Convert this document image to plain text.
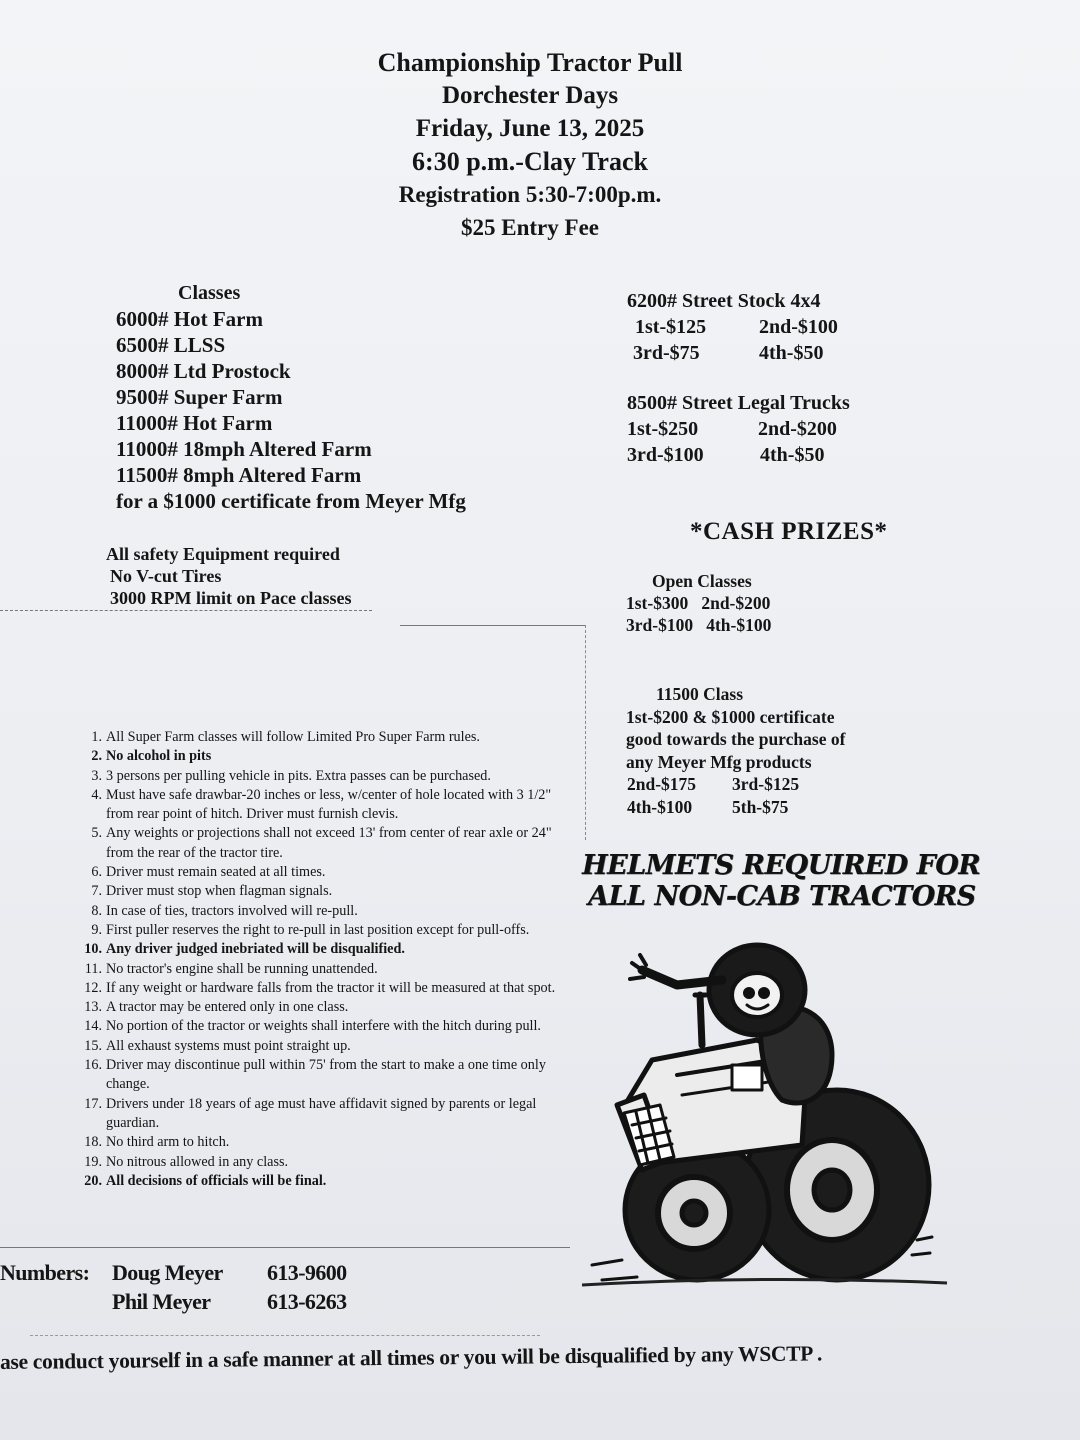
Championship Tractor Pull
Dorchester Days
Friday, June 13, 2025
6:30 p.m.-Clay Track
Registration 5:30-7:00p.m.
$25 Entry Fee
Classes
6000# Hot Farm
6500# LLSS
8000# Ltd Prostock
9500# Super Farm
11000# Hot Farm
11000# 18mph Altered Farm
11500# 8mph Altered Farm
for a $1000 certificate from Meyer Mfg
All safety Equipment required
No V-cut Tires
3000 RPM limit on Pace classes
6200# Street Stock 4x4
1st-$125	2nd-$100
3rd-$75	4th-$50
8500# Street Legal Trucks
1st-$250	2nd-$200
3rd-$100	4th-$50
*CASH PRIZES*
Open Classes
1st-$300   2nd-$200
3rd-$100   4th-$100
11500 Class
1st-$200 & $1000 certificate
good towards the purchase of
any Meyer Mfg products
2nd-$175	3rd-$125
4th-$100	5th-$75
1. All Super Farm classes will follow Limited Pro Super Farm rules.
2. No alcohol in pits
3. 3 persons per pulling vehicle in pits. Extra passes can be purchased.
4. Must have safe drawbar-20 inches or less, w/center of hole located with 3 1/2" from rear point of hitch. Driver must furnish clevis.
5. Any weights or projections shall not exceed 13' from center of rear axle or 24" from the rear of the tractor tire.
6. Driver must remain seated at all times.
7. Driver must stop when flagman signals.
8. In case of ties, tractors involved will re-pull.
9. First puller reserves the right to re-pull in last position except for pull-offs.
10. Any driver judged inebriated will be disqualified.
11. No tractor's engine shall be running unattended.
12. If any weight or hardware falls from the tractor it will be measured at that spot.
13. A tractor may be entered only in one class.
14. No portion of the tractor or weights shall interfere with the hitch during pull.
15. All exhaust systems must point straight up.
16. Driver may discontinue pull within 75' from the start to make a one time only change.
17. Drivers under 18 years of age must have affidavit signed by parents or legal guardian.
18. No third arm to hitch.
19. No nitrous allowed in any class.
20. All decisions of officials will be final.
HELMETS REQUIRED FOR
ALL NON-CAB TRACTORS
Numbers:	Doug Meyer	613-9600
Phil Meyer	613-6263
ase conduct yourself in a safe manner at all times or you will be disqualified by any WSCTP .
